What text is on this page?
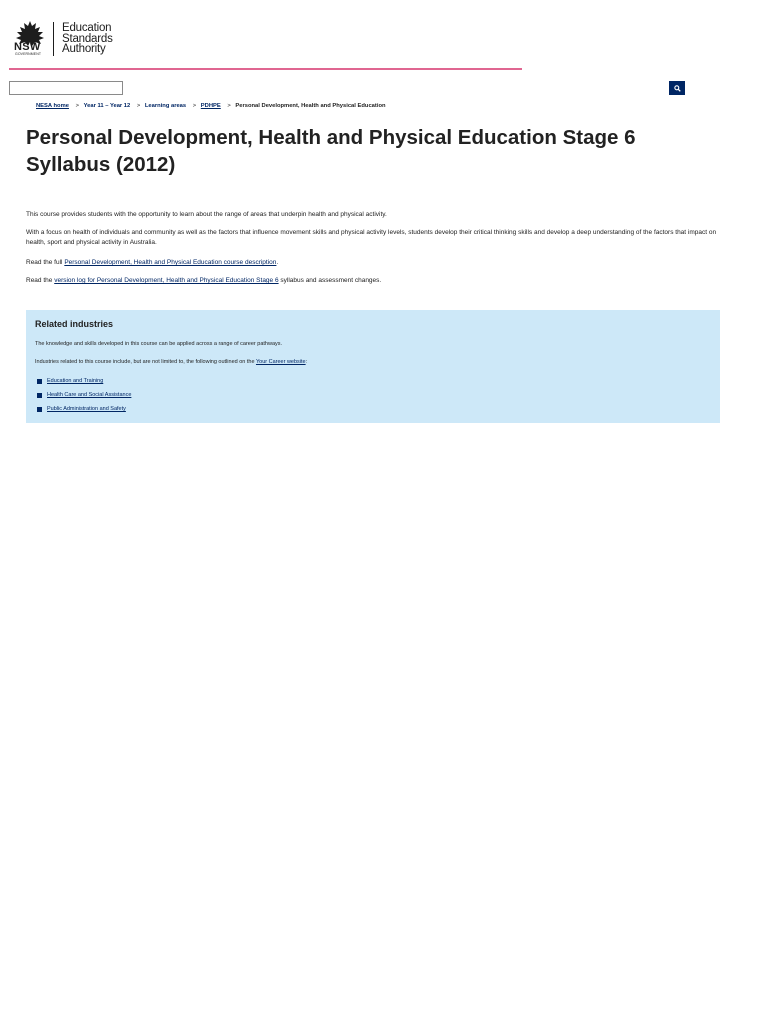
Education
Standards
Authority
NSW
GOVERNMENT
NESA home > Year 11 – Year 12 > Learning areas > PDHPE > Personal Development, Health and Physical Education
Personal Development, Health and Physical Education Stage 6 Syllabus (2012)

This course provides students with the opportunity to learn about the range of areas that underpin health and physical activity.

With a focus on health of individuals and community as well as the factors that influence movement skills and physical activity levels, students develop their critical thinking skills and develop a deep understanding of the factors that impact on health, sport and physical activity in Australia.

Read the full Personal Development, Health and Physical Education course description.

Read the version log for Personal Development, Health and Physical Education Stage 6 syllabus and assessment changes.

Related industries

The knowledge and skills developed in this course can be applied across a range of career pathways.

Industries related to this course include, but are not limited to, the following outlined on the Your Career website:

Education and Training
Health Care and Social Assistance
Public Administration and Safety
